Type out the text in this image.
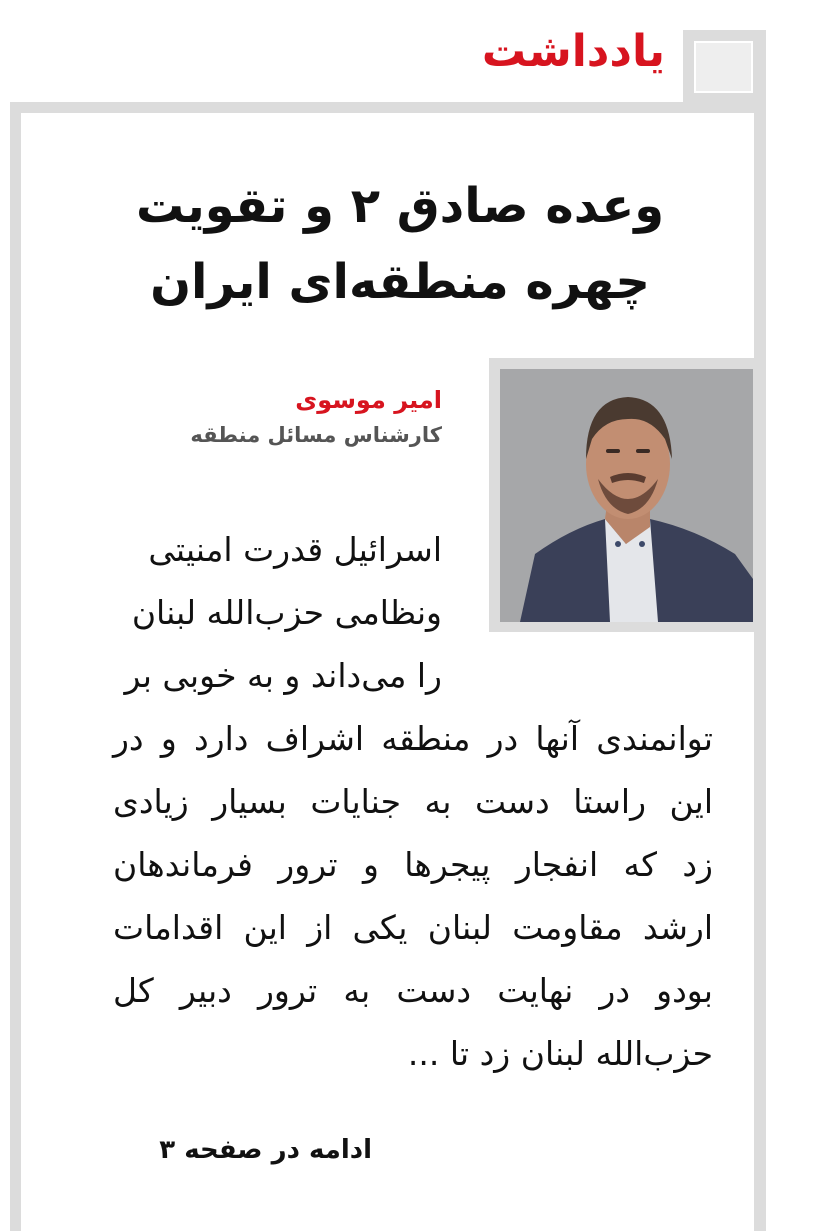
یادداشت
وعده صادق ۲ و تقویت
چهره منطقه‌ای ایران
امیر موسوی
کارشناس مسائل منطقه
اسرائیل قدرت امنیتی
ونظامی حزب‌الله لبنان
را می‌داند و به خوبی بر
توانمندی آنها در منطقه اشراف دارد و در
این راستا دست به جنایات بسیار زیادی
زد که انفجار پیجرها و ترور فرماندهان
ارشد مقاومت لبنان یکی از این اقدامات
بودو در نهایت دست به ترور دبیر کل
حزب‌الله لبنان زد تا ...
ادامه در صفحه ۳
